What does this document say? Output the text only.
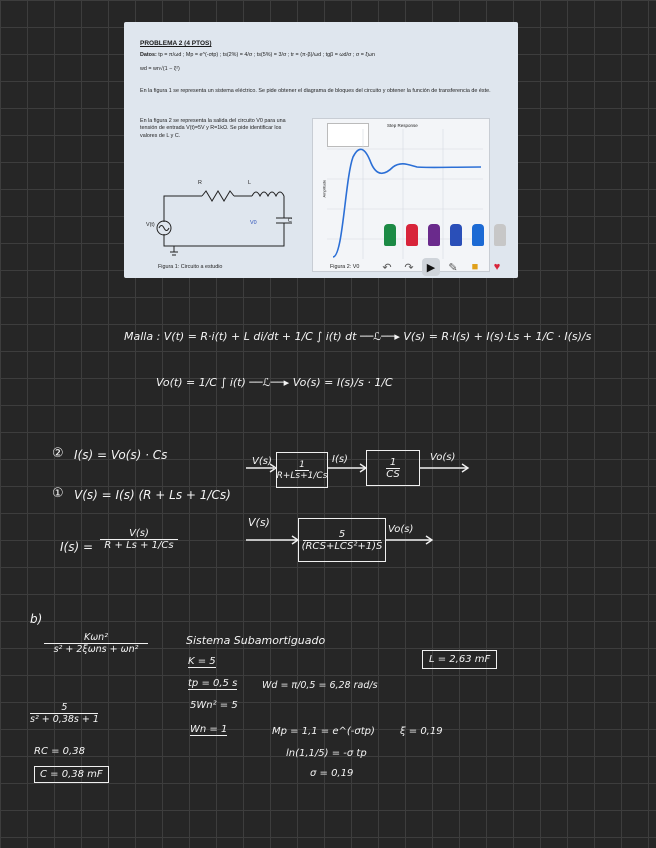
PROBLEMA 2 (4 PTOS)
Datos: tp = π/ωd ; Mp = e^(-σtp) ; ts(2%) = 4/σ ; ts(5%) = 3/σ ; tr = (π-β)/ωd ; tgβ = ωd/σ ; σ = ξωn
wd = wn√(1 − ξ²)
En la figura 1 se representa un sistema eléctrico. Se pide obtener el diagrama de bloques del circuito y obtener la función de transferencia de éste.
En la figura 2 se representa la salida del circuito V0 para una tensión de entrada V(t)=5V y R=1kΩ. Se pide identificar los valores de L y C.
R	L
C
V0
V(t)
Figura 1: Circuito a estudio
Step Response
Amplitude
Figura 2: V0	↶	↷	▶	✎	■	♥
Malla : V(t) = R·i(t) + L di/dt + 1/C ∫ i(t) dt ──ℒ──▸ V(s) = R·I(s) + I(s)·Ls + 1/C · I(s)/s
Vo(t) = 1/C ∫ i(t) ──ℒ──▸ Vo(s) = I(s)/s · 1/C
② I(s) = Vo(s) · Cs
① V(s) = I(s) (R + Ls + 1/Cs)
$I(s) = \frac{V(s)}{R + Ls + 1/Cs}$
$V(s) \frac{1}{R+Ls+1/Cs} I(s) \frac{1}{CS} Vo(s)$
V(s)
5
(RCS+LCS²+1)S
Vo(s)
b)
Kωn²
s² + 2ξωns + ωn²
Sistema Subamortiguado
K = 5
tp = 0,5 s	Wd = π/0,5 = 6,28 rad/s
5Wn² = 5
Wn = 1
L = 2,63 mF
$\frac{5}{\text{s² + 0,38s + 1}}$
RC = 0,38
C = 0,38 mF
Mp = 1,1 = e^(-σtp)	ξ = 0,19
ln(1,1/5) = -σ tp
σ = 0,19
